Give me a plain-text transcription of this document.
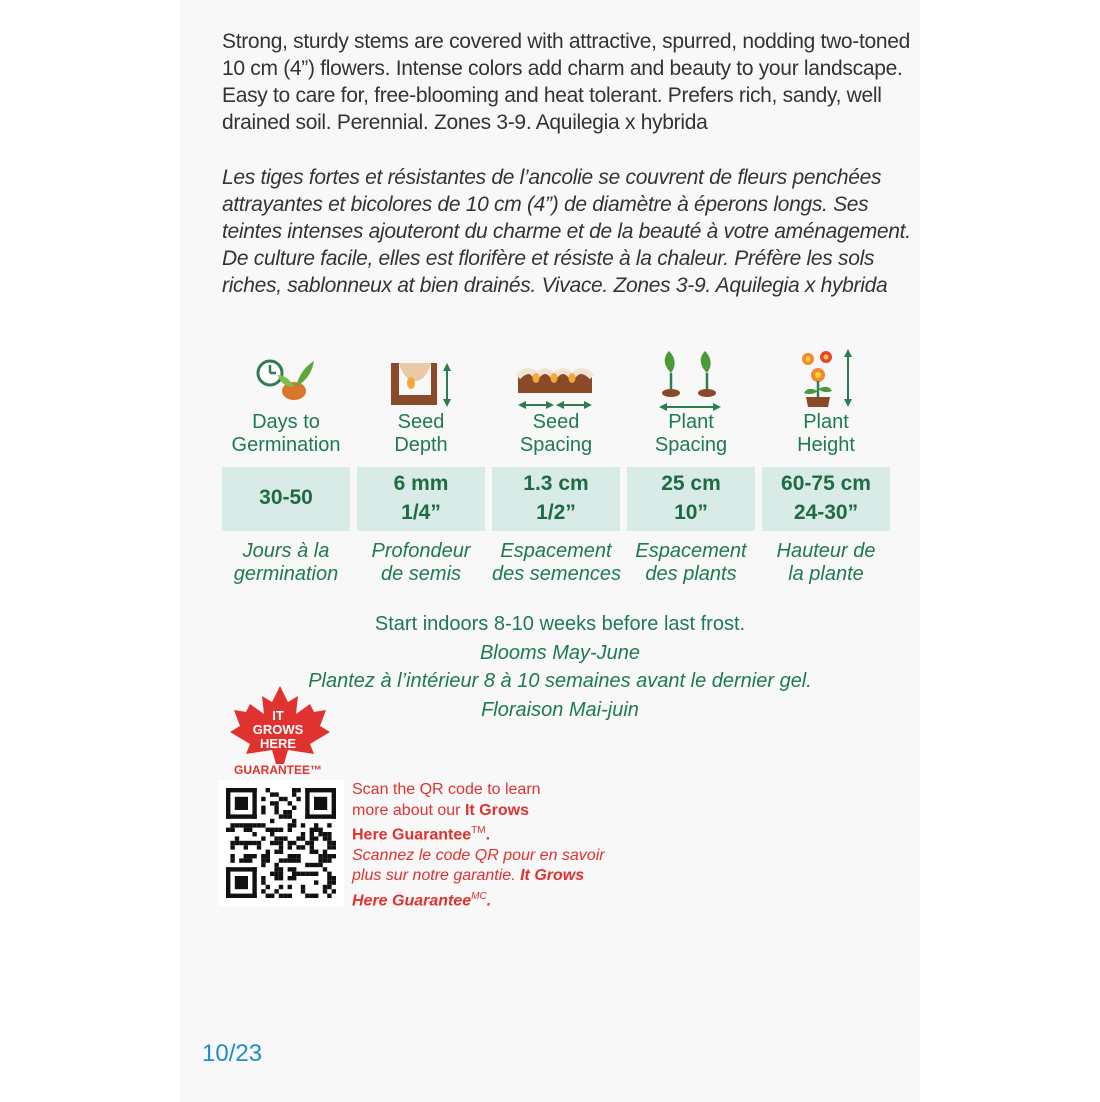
Strong, sturdy stems are covered with attractive, spurred, nodding two-toned
10 cm (4”) flowers. Intense colors add charm and beauty to your landscape.
Easy to care for, free-blooming and heat tolerant. Prefers rich, sandy, well
drained soil. Perennial. Zones 3-9. Aquilegia x hybrida
Les tiges fortes et résistantes de l’ancolie se couvrent de fleurs penchées
attrayantes et bicolores de 10 cm (4”) de diamètre à éperons longs. Ses
teintes intenses ajouteront du charme et de la beauté à votre aménagement.
De culture facile, elles est florifère et résiste à la chaleur. Préfère les sols
riches, sablonneux at bien drainés. Vivace. Zones 3-9. Aquilegia x hybrida
Days to
Germination
Seed
Depth
Seed
Spacing
Plant
Spacing
Plant
Height
30-50
6 mm
1/4”
1.3 cm
1/2”
25 cm
10”
60-75 cm
24-30”
Jours à la
germination
Profondeur
de semis
Espacement
des semences
Espacement
des plants
Hauteur de
la plante
Start indoors 8-10 weeks before last frost.
Blooms May-June
Plantez à l’intérieur 8 à 10 semaines avant le dernier gel.
Floraison Mai-juin
IT
GROWS
HERE
GUARANTEE™
Scan the QR code to learn
more about our It Grows
Here Guarantee™.
Scannez le code QR pour en savoir
plus sur notre garantie. It Grows
Here Guarantee$^{MC}$.
10/23
